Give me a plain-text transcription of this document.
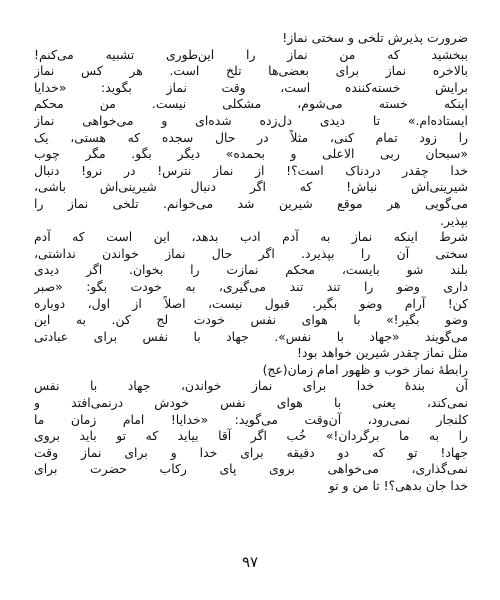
ضرورت پذیرش تلخی و سختی نماز!
ببخشید که من نماز را این‌طوری تشبیه می‌کنم!
بالاخره نماز برای بعضی‌ها تلخ است. هر کس نماز
برایش خسته‌کننده است، وقت نماز بگوید: «خدایا
اینکه خسته می‌شوم، مشکلی نیست. من محکم
ایستاده‌ام.» تا دیدی دل‌زده شده‌ای و می‌خواهی نماز
را زود تمام کنی، مثلاً در حال سجده که هستی، یک
«سبحان ربی الاعلی و بحمده» دیگر بگو. مگر چوب
خدا چقدر دردناک است؟! از نماز نترس! در نرو! دنبال
شیرینی‌اش نباش! که اگر دنبال شیرینی‌اش باشی،
می‌گویی هر موقع شیرین شد می‌خوانم. تلخی نماز را
بپذیر.
شرط اینکه نماز به آدم ادب بدهد، این است که آدم
سختی آن را بپذیرد. اگر حال نماز خواندن نداشتی،
بلند شو بایست، محکم نمازت را بخوان. اگر دیدی
داری وضو را تند تند می‌گیری، به خودت بگو: «صبر
کن! آرام وضو بگیر. قبول نیست، اصلاً از اول، دوباره
وضو بگیر!» با هوای نفس خودت لج کن. به این
می‌گویند «جهاد با نفس». جهاد با نفس برای عبادتی
مثل نماز چقدر شیرین خواهد بود!
رابطهٔ نماز خوب و ظهور امام زمان(عج)
آن بندهٔ خدا برای نماز خواندن، جهاد با نفس
نمی‌کند، یعنی با هوای نفس خودش درنمی‌افتد و
کلنجار نمی‌رود، آن‌وقت می‌گوید: «خدایا! امام زمان ما
را به ما برگردان!» خُب اگر آقا بیاید که تو باید بروی
جهاد! تو که دو دقیقه برای خدا و برای نماز وقت
نمی‌گذاری، می‌خواهی بروی پای رکاب حضرت برای
خدا جان بدهی؟! تا من و تو
۹۷
